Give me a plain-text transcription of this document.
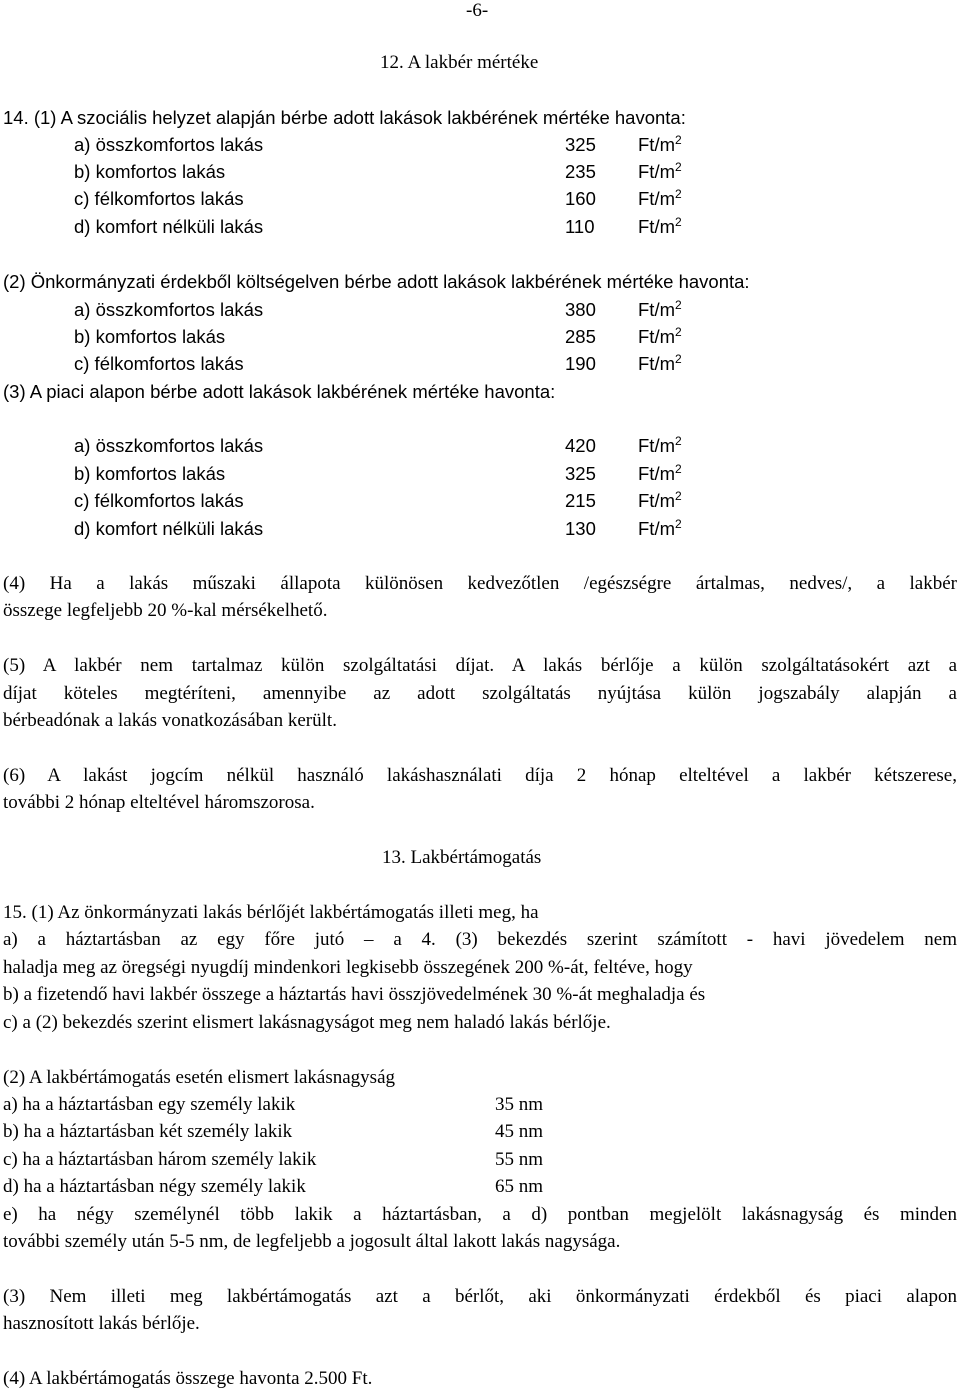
-6-
12. A lakbér mértéke
14. (1) A szociális helyzet alapján bérbe adott lakások lakbérének mértéke havonta:
a) összkomfortos lakás	325 $Ft/m^2$
b) komfortos lakás	235 $Ft/m^2$
c) félkomfortos lakás	160 $Ft/m^2$
d) komfort nélküli lakás	110 $Ft/m^2$
(2) Önkormányzati érdekből költségelven bérbe adott lakások lakbérének mértéke havonta:
a) összkomfortos lakás	380 $Ft/m^2$
b) komfortos lakás	285 $Ft/m^2$
c) félkomfortos lakás	190 $Ft/m^2$
(3) A piaci alapon bérbe adott lakások lakbérének mértéke havonta:
a) összkomfortos lakás	420 $Ft/m^2$
b) komfortos lakás	325 $Ft/m^2$
c) félkomfortos lakás	215 $Ft/m^2$
d) komfort nélküli lakás	130 $Ft/m^2$
(4) Ha a lakás műszaki állapota különösen kedvezőtlen /egészségre ártalmas, nedves/, a lakbér
összege legfeljebb 20 %-kal mérsékelhető.
(5) A lakbér nem tartalmaz külön szolgáltatási díjat. A lakás bérlője a külön szolgáltatásokért azt a
díjat köteles megtéríteni, amennyibe az adott szolgáltatás nyújtása külön jogszabály alapján a
bérbeadónak a lakás vonatkozásában került.
(6) A lakást jogcím nélkül használó lakáshasználati díja 2 hónap elteltével a lakbér kétszerese,
további 2 hónap elteltével háromszorosa.
13. Lakbértámogatás
15. (1) Az önkormányzati lakás bérlőjét lakbértámogatás illeti meg, ha
a) a háztartásban az egy főre jutó – a 4. (3) bekezdés szerint számított - havi jövedelem nem
haladja meg az öregségi nyugdíj mindenkori legkisebb összegének 200 %-át, feltéve, hogy
b) a fizetendő havi lakbér összege a háztartás havi összjövedelmének 30 %-át meghaladja és
c) a (2) bekezdés szerint elismert lakásnagyságot meg nem haladó lakás bérlője.
(2) A lakbértámogatás esetén elismert lakásnagyság
a) ha a háztartásban egy személy lakik	35 nm
b) ha a háztartásban két személy lakik	45 nm
c) ha a háztartásban három személy lakik	55 nm
d) ha a háztartásban négy személy lakik	65 nm
e) ha négy személynél több lakik a háztartásban, a d) pontban megjelölt lakásnagyság és minden
további személy után 5-5 nm, de legfeljebb a jogosult által lakott lakás nagysága.
(3) Nem illeti meg lakbértámogatás azt a bérlőt, aki önkormányzati érdekből és piaci alapon
hasznosított lakás bérlője.
(4) A lakbértámogatás összege havonta 2.500 Ft.
